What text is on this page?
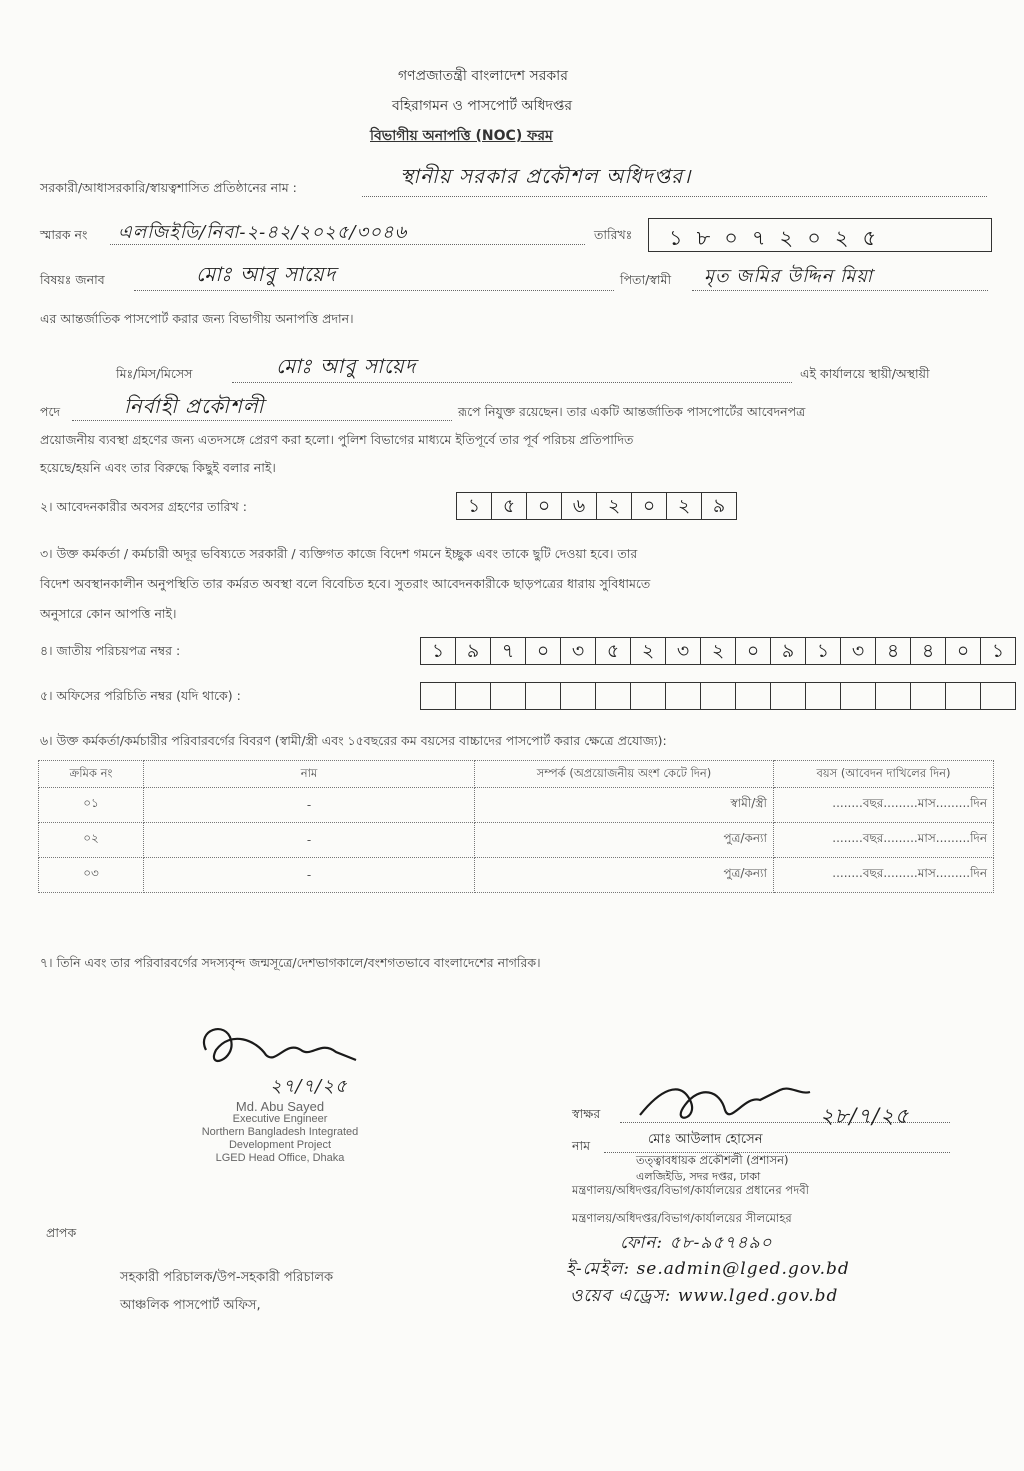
গণপ্রজাতন্ত্রী বাংলাদেশ সরকার
বহিরাগমন ও পাসপোর্ট অধিদপ্তর
বিভাগীয় অনাপত্তি (NOC) ফরম
সরকারী/আধাসরকারি/স্বায়ত্বশাসিত প্রতিষ্ঠানের নাম :	স্থানীয় সরকার প্রকৌশল অধিদপ্তর।
স্মারক নং এলজিইডি/নিবা-২-৪২/২০২৫/৩০৪৬	তারিখঃ ১৮০৭২০২৫
বিষয়ঃ জনাব	মোঃ আবু সায়েদ	পিতা/স্বামী মৃত জমির উদ্দিন মিয়া
এর আন্তর্জাতিক পাসপোর্ট করার জন্য বিভাগীয় অনাপত্তি প্রদান।
মিঃ/মিস/মিসেস	মোঃ আবু সায়েদ	এই কার্যালয়ে স্থায়ী/অস্থায়ী
পদে	নির্বাহী প্রকৌশলী	রূপে নিযুক্ত রয়েছেন। তার একটি আন্তর্জাতিক পাসপোর্টের আবেদনপত্র
প্রয়োজনীয় ব্যবস্থা গ্রহণের জন্য এতদসঙ্গে প্রেরণ করা হলো। পুলিশ বিভাগের মাধ্যমে ইতিপূর্বে তার পূর্ব পরিচয় প্রতিপাদিত
হয়েছে/হয়নি এবং তার বিরুদ্ধে কিছুই বলার নাই।
২। আবেদনকারীর অবসর গ্রহণের তারিখ :	১	৫	০	৬	২	০	২	৯
৩। উক্ত কর্মকর্তা / কর্মচারী অদূর ভবিষ্যতে সরকারী / ব্যক্তিগত কাজে বিদেশ গমনে ইচ্ছুক এবং তাকে ছুটি দেওয়া হবে। তার
বিদেশ অবস্থানকালীন অনুপস্থিতি তার কর্মরত অবস্থা বলে বিবেচিত হবে। সুতরাং আবেদনকারীকে ছাড়পত্রের ধারায় সুবিধামতে
অনুসারে কোন আপত্তি নাই।
৪। জাতীয় পরিচয়পত্র নম্বর :	১	৯	৭	০	৩	৫	২	৩	২	০	৯	১	৩	৪	৪	০	১
৫। অফিসের পরিচিতি নম্বর (যদি থাকে) :
৬। উক্ত কর্মকর্তা/কর্মচারীর পরিবারবর্গের বিবরণ (স্বামী/স্ত্রী এবং ১৫বছরের কম বয়সের বাচ্চাদের পাসপোর্ট করার ক্ষেত্রে প্রযোজ্য):
ক্রমিক নং	নাম	সম্পর্ক (অপ্রয়োজনীয় অংশ কেটে দিন)	বয়স (আবেদন দাখিলের দিন)
০১	-	স্বামী/স্ত্রী	........বছর.........মাস.........দিন
০২	-	পুত্র/কন্যা	........বছর.........মাস.........দিন
০৩	-	পুত্র/কন্যা	........বছর.........মাস.........দিন
৭। তিনি এবং তার পরিবারবর্গের সদস্যবৃন্দ জন্মসূত্রে/দেশভাগকালে/বংশগতভাবে বাংলাদেশের নাগরিক।
২৭/৭/২৫
Md. Abu Sayed
Executive Engineer
Northern Bangladesh Integrated
Development Project
LGED Head Office, Dhaka
স্বাক্ষর	২৮/৭/২৫
নাম	মোঃ আউলাদ হোসেন
তত্ত্বাবধায়ক প্রকৌশলী (প্রশাসন)
এলজিইডি, সদর দপ্তর, ঢাকা
মন্ত্রণালয়/অধিদপ্তর/বিভাগ/কার্যালয়ের প্রধানের পদবী
মন্ত্রণালয়/অধিদপ্তর/বিভাগ/কার্যালয়ের সীলমোহর
ফোন: ৫৮-৯৫৭৪৯০
ই-মেইল: se.admin@lged.gov.bd
ওয়েব এড্রেস: www.lged.gov.bd
প্রাপক
সহকারী পরিচালক/উপ-সহকারী পরিচালক
আঞ্চলিক পাসপোর্ট অফিস,
